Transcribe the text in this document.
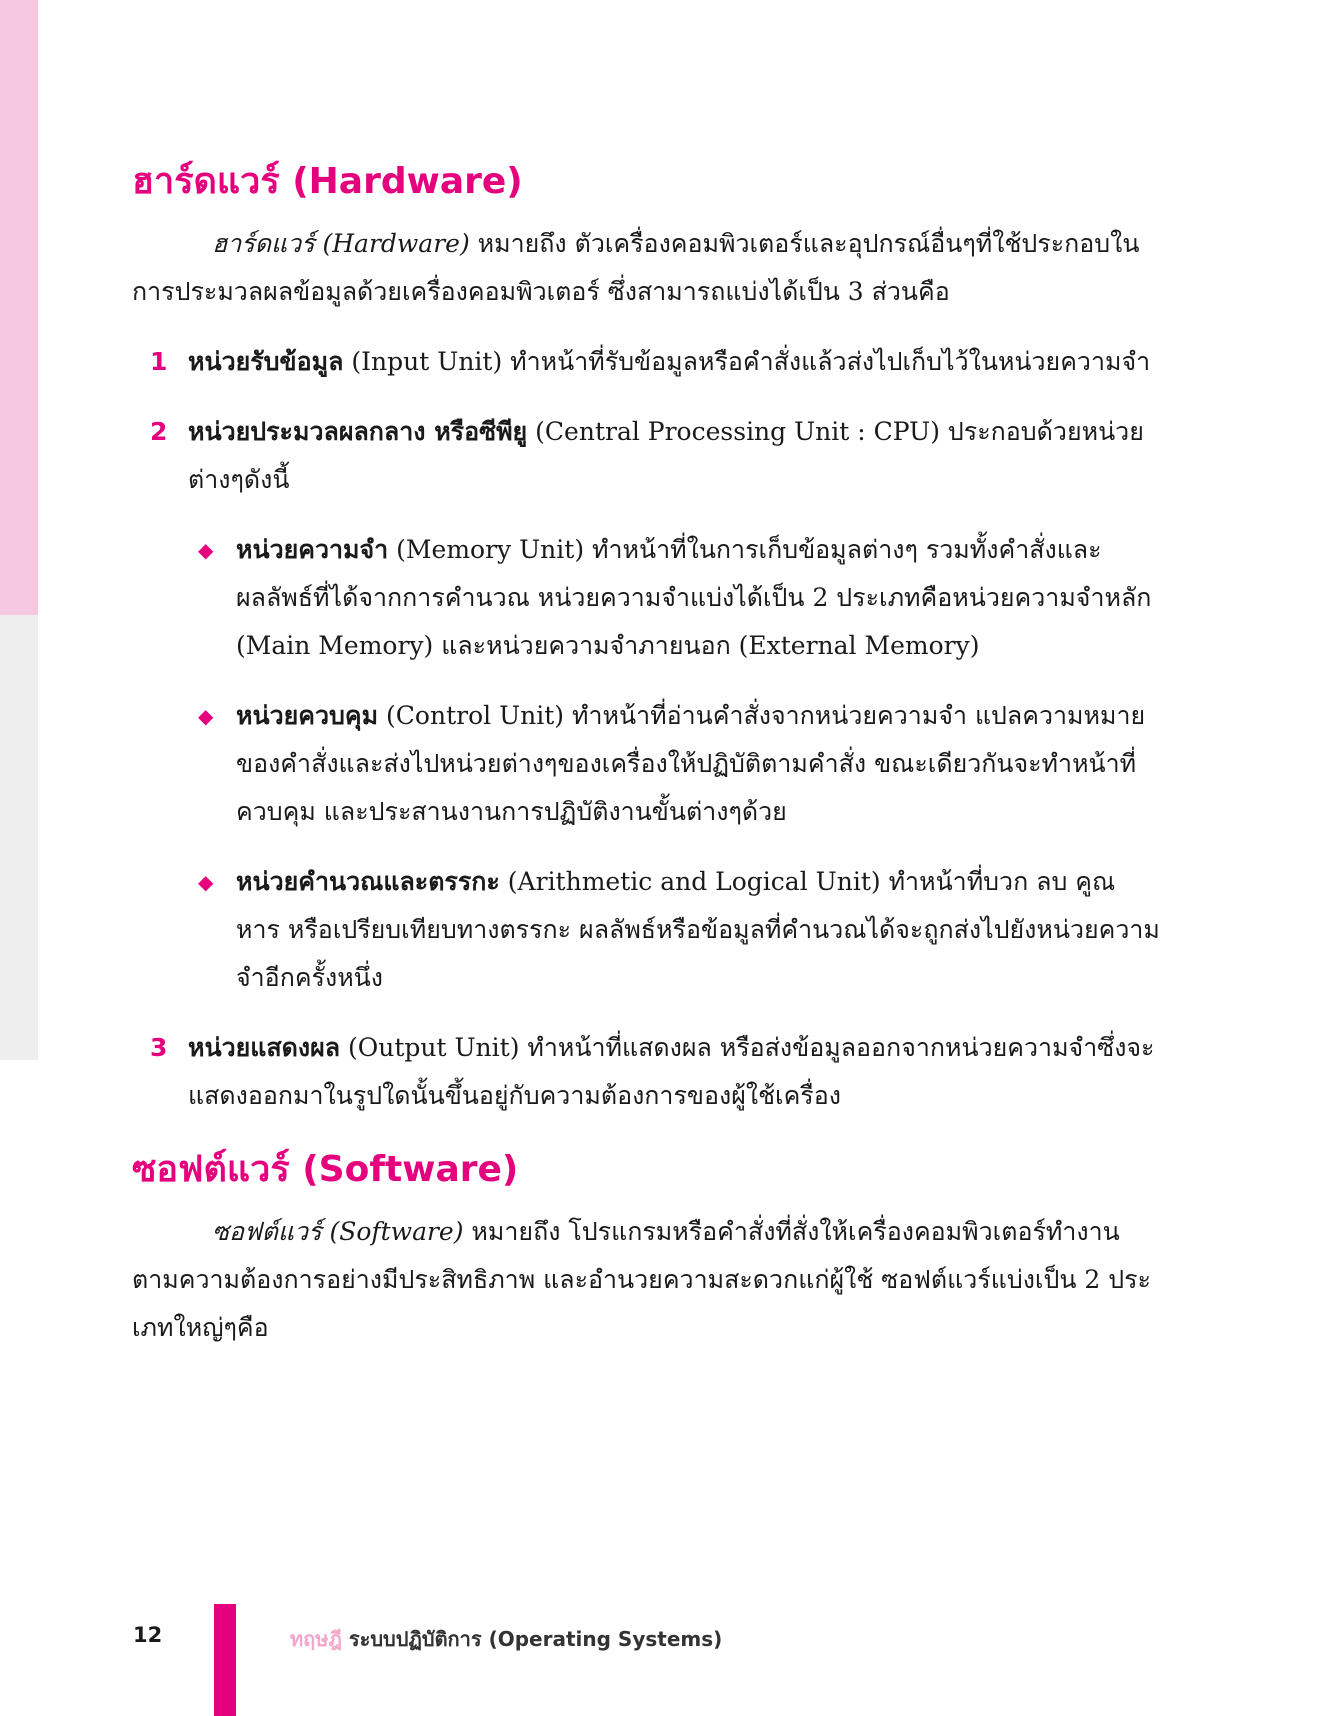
ฮาร์ดแวร์ (Hardware)

ฮาร์ดแวร์ (Hardware) หมายถึง ตัวเครื่องคอมพิวเตอร์และอุปกรณ์อื่นๆที่ใช้ประกอบในการประมวลผลข้อมูลด้วยเครื่องคอมพิวเตอร์ ซึ่งสามารถแบ่งได้เป็น 3 ส่วนคือ

1 หน่วยรับข้อมูล (Input Unit) ทำหน้าที่รับข้อมูลหรือคำสั่งแล้วส่งไปเก็บไว้ในหน่วยความจำ
2 หน่วยประมวลผลกลาง หรือซีพียู (Central Processing Unit : CPU) ประกอบด้วยหน่วยต่างๆดังนี้
◆ หน่วยความจำ (Memory Unit) ทำหน้าที่ในการเก็บข้อมูลต่างๆ รวมทั้งคำสั่งและผลลัพธ์ที่ได้จากการคำนวณ หน่วยความจำแบ่งได้เป็น 2 ประเภทคือหน่วยความจำหลัก (Main Memory) และหน่วยความจำภายนอก (External Memory)
◆ หน่วยควบคุม (Control Unit) ทำหน้าที่อ่านคำสั่งจากหน่วยความจำ แปลความหมายของคำสั่งและส่งไปหน่วยต่างๆของเครื่องให้ปฏิบัติตามคำสั่ง ขณะเดียวกันจะทำหน้าที่ควบคุม และประสานงานการปฏิบัติงานขั้นต่างๆด้วย
◆ หน่วยคำนวณและตรรกะ (Arithmetic and Logical Unit) ทำหน้าที่บวก ลบ คูณ หาร หรือเปรียบเทียบทางตรรกะ ผลลัพธ์หรือข้อมูลที่คำนวณได้จะถูกส่งไปยังหน่วยความจำอีกครั้งหนึ่ง
3 หน่วยแสดงผล (Output Unit) ทำหน้าที่แสดงผล หรือส่งข้อมูลออกจากหน่วยความจำซึ่งจะแสดงออกมาในรูปใดนั้นขึ้นอยู่กับความต้องการของผู้ใช้เครื่อง
ซอฟต์แวร์ (Software)

ซอฟต์แวร์ (Software) หมายถึง โปรแกรมหรือคำสั่งที่สั่งให้เครื่องคอมพิวเตอร์ทำงานตามความต้องการอย่างมีประสิทธิภาพ และอำนวยความสะดวกแก่ผู้ใช้ ซอฟต์แวร์แบ่งเป็น 2 ประเภทใหญ่ๆคือ

12	ทฤษฎี ระบบปฏิบัติการ (Operating Systems)
